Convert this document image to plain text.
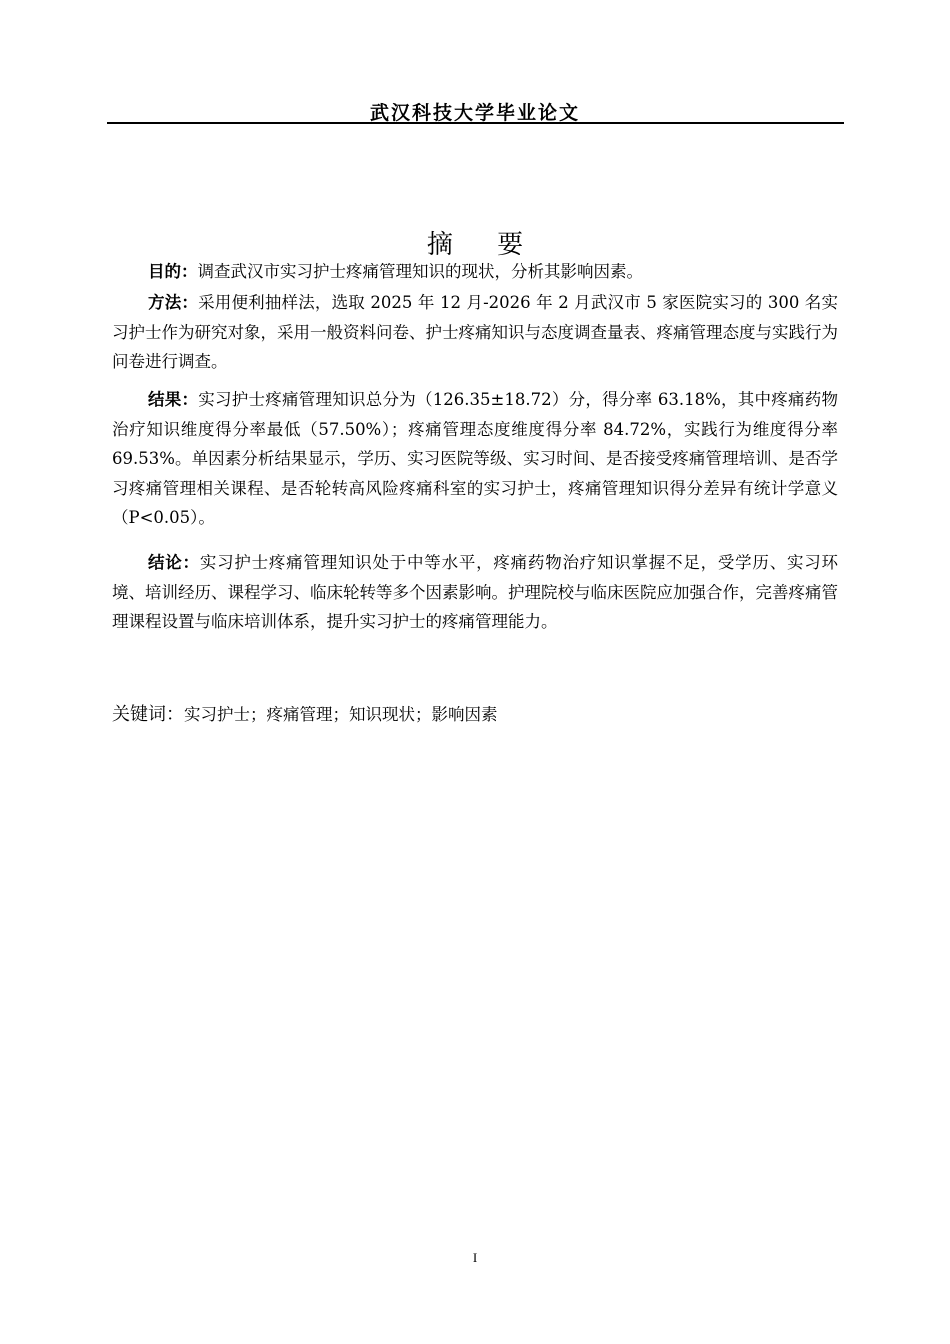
武汉科技大学毕业论文
摘 要

目的：调查武汉市实习护士疼痛管理知识的现状，分析其影响因素。

方法：采用便利抽样法，选取 2025 年 12 月-2026 年 2 月武汉市 5 家医院实习的 300 名实习护士作为研究对象，采用一般资料问卷、护士疼痛知识与态度调查量表、疼痛管理态度与实践行为问卷进行调查。

结果：实习护士疼痛管理知识总分为（126.35±18.72）分，得分率 63.18%，其中疼痛药物治疗知识维度得分率最低（57.50%）；疼痛管理态度维度得分率 84.72%，实践行为维度得分率 69.53%。单因素分析结果显示，学历、实习医院等级、实习时间、是否接受疼痛管理培训、是否学习疼痛管理相关课程、是否轮转高风险疼痛科室的实习护士，疼痛管理知识得分差异有统计学意义（P<0.05）。

结论：实习护士疼痛管理知识处于中等水平，疼痛药物治疗知识掌握不足，受学历、实习环境、培训经历、课程学习、临床轮转等多个因素影响。护理院校与临床医院应加强合作，完善疼痛管理课程设置与临床培训体系，提升实习护士的疼痛管理能力。

关键词：实习护士；疼痛管理；知识现状；影响因素
I
